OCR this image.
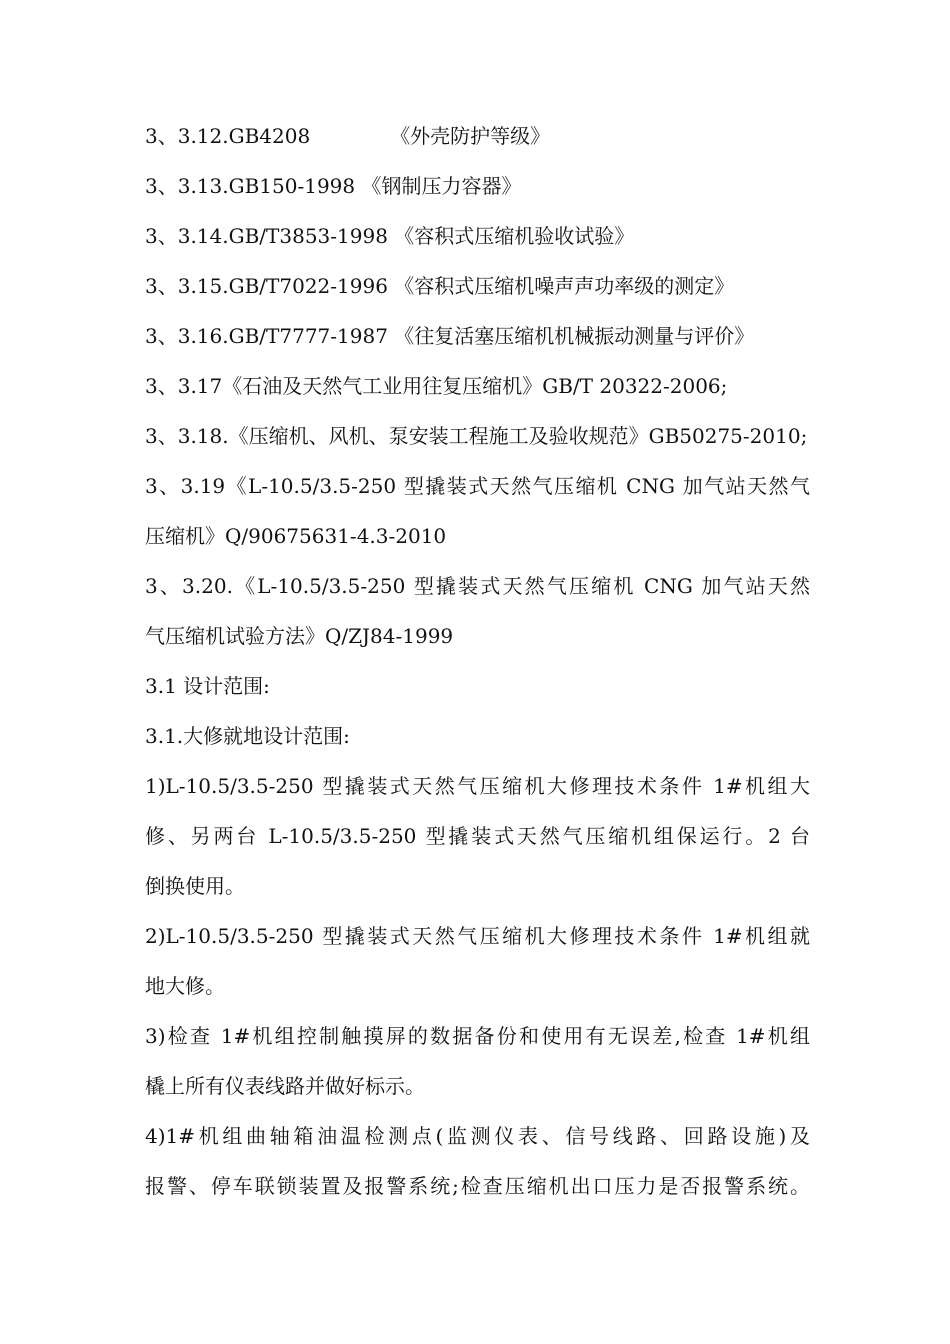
3、3.12.GB4208	《外壳防护等级》
3、3.13.GB150-1998 《钢制压力容器》
3、3.14.GB/T3853-1998 《容积式压缩机验收试验》
3、3.15.GB/T7022-1996 《容积式压缩机噪声声功率级的测定》
3、3.16.GB/T7777-1987 《往复活塞压缩机机械振动测量与评价》
3、3.17《石油及天然气工业用往复压缩机》GB/T 20322-2006;
3、3.18.《压缩机、风机、泵安装工程施工及验收规范》GB50275-2010;
3、3.19《L-10.5/3.5-250 型撬装式天然气压缩机 CNG 加气站天然气
压缩机》Q/90675631-4.3-2010
3、3.20.《L-10.5/3.5-250 型撬装式天然气压缩机 CNG 加气站天然
气压缩机试验方法》Q/ZJ84-1999
3.1 设计范围:
3.1.大修就地设计范围:
1)L-10.5/3.5-250 型撬装式天然气压缩机大修理技术条件 1#机组大
修、另两台 L-10.5/3.5-250 型撬装式天然气压缩机组保运行。2 台
倒换使用。
2)L-10.5/3.5-250 型撬装式天然气压缩机大修理技术条件 1#机组就
地大修。
3)检查 1#机组控制触摸屏的数据备份和使用有无误差,检查 1#机组
橇上所有仪表线路并做好标示。
4)1#机组曲轴箱油温检测点(监测仪表、信号线路、回路设施)及
报警、停车联锁装置及报警系统;检查压缩机出口压力是否报警系统。
